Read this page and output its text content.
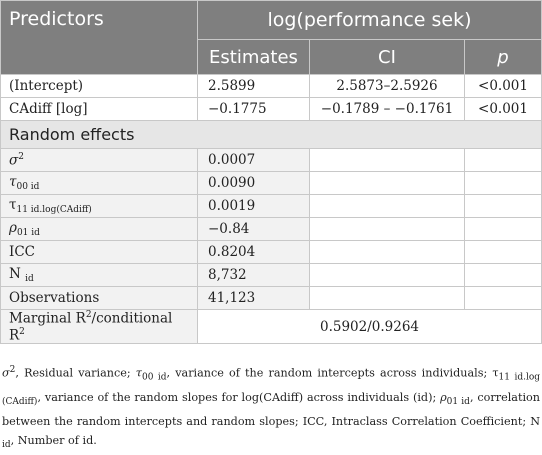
Predictors	log(performance sek)		
	Estimates	CI	p
(Intercept)	2.5899	2.5873–2.5926	<0.001
CAdiff [log]	−0.1775	−0.1789 – −0.1761	<0.001
Random effects			
$\sigma^2$	0.0007		
$\tau_{00 id}$	0.0090		
$\tau_{11 id.log(CAdiff)}$	0.0019		
$\rho_{01 id}$	−0.84		
ICC	0.8204		
N $_{id}$	8,732		
Observations	41,123		
Marginal $R^2$/conditional $R^2$	0.5902/0.9264		
$\sigma^2$, Residual variance; $\tau_{00 id}$, variance of the random intercepts across individuals; $\tau_{11 id.log (CAdiff)}$, variance of the random slopes for log(CAdiff) across individuals (id); $\rho_{01 id}$, correlation between the random intercepts and random slopes; ICC, Intraclass Correlation Coefficient; N $_{id}$, Number of id.
